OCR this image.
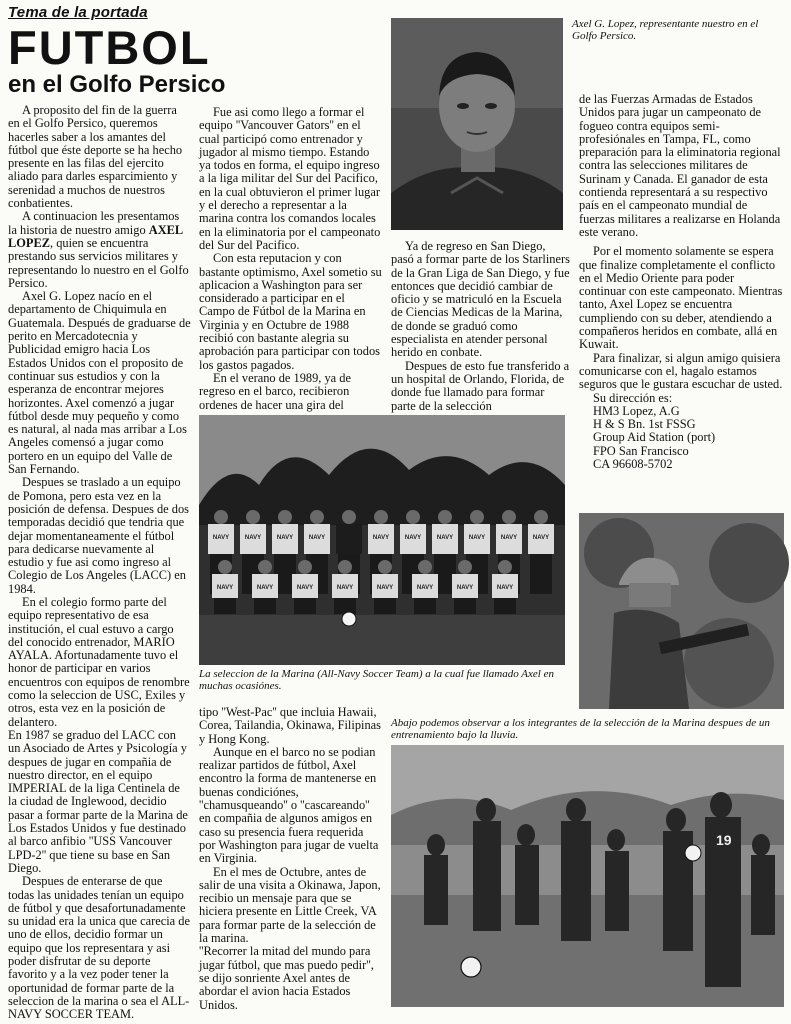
Tema de la portada
FUTBOL
en el Golfo Persico

A proposito del fin de la guerra en el Golfo Persico, queremos hacerles saber a los amantes del fútbol que éste deporte se ha hecho presente en las filas del ejercito aliado para darles esparcimiento y serenidad a muchos de nuestros conbatientes.

A continuacion les presentamos la historia de nuestro amigo AXEL LOPEZ, quien se encuentra prestando sus servicios militares y representando lo nuestro en el Golfo Persico.

Axel G. Lopez nacío en el departamento de Chiquimula en Guatemala. Después de graduarse de perito en Mercadotecnia y Publicidad emigro hacia Los Estados Unidos con el proposito de continuar sus estudios y con la esperanza de encontrar mejores horizontes. Axel comenzó a jugar fútbol desde muy pequeño y como es natural, al nada mas arribar a Los Angeles comensó a jugar como portero en un equipo del Valle de San Fernando.

Despues se traslado a un equipo de Pomona, pero esta vez en la posición de defensa. Despues de dos temporadas decidió que tendria que dejar momentaneamente el fútbol para dedicarse nuevamente al estudio y fue asi como ingreso al Colegio de Los Angeles (LACC) en 1984.

En el colegio formo parte del equipo representativo de esa institución, el cual estuvo a cargo del conocido entrenador, MARIO AYALA. Afortunadamente tuvo el honor de participar en varios encuentros con equipos de renombre como la seleccion de USC, Exiles y otros, esta vez en la posición de delantero.

En 1987 se graduo del LACC con un Asociado de Artes y Psicología y despues de jugar en compañia de nuestro director, en el equipo IMPERIAL de la liga Centinela de la ciudad de Inglewood, decidio pasar a formar parte de la Marina de Los Estados Unidos y fue destinado al barco anfibio ''USS Vancouver LPD-2'' que tiene su base en San Diego.

Despues de enterarse de que todas las unidades tenían un equipo de fútbol y que desafortunadamente su unidad era la unica que carecia de uno de ellos, decidio formar un equipo que los representara y asi poder disfrutar de su deporte favorito y a la vez poder tener la oportunidad de formar parte de la seleccion de la marina o sea el ALL-NAVY SOCCER TEAM.

Fue asi como llego a formar el equipo ''Vancouver Gators'' en el cual participó como entrenador y jugador al mismo tiempo. Estando ya todos en forma, el equipo ingreso a la liga militar del Sur del Pacifico, en la cual obtuvieron el primer lugar y el derecho a representar a la marina contra los comandos locales en la eliminatoria por el campeonato del Sur del Pacifico.

Con esta reputacion y con bastante optimismo, Axel sometio su aplicacion a Washington para ser considerado a participar en el Campo de Fútbol de la Marina en Virginia y en Octubre de 1988 recibió con bastante alegria su aprobación para participar con todos los gastos pagados.

En el verano de 1989, ya de regreso en el barco, recibieron ordenes de hacer una gira del

Axel G. Lopez, representante nuestro en el Golfo Persico.

Ya de regreso en San Diego, pasó a formar parte de los Starliners de la Gran Liga de San Diego, y fue entonces que decidió cambiar de oficio y se matriculó en la Escuela de Ciencias Medicas de la Marina, de donde se graduó como especialista en atender personal herido en conbate.

Despues de esto fue transferido a un hospital de Orlando, Florida, de donde fue llamado para formar parte de la selección

de las Fuerzas Armadas de Estados Unidos para jugar un campeonato de fogueo contra equipos semi-profesiónales en Tampa, FL, como preparación para la eliminatoria regional contra las selecciones militares de Surinam y Canada. El ganador de esta contienda representará a su respectivo país en el campeonato mundial de fuerzas militares a realizarse en Holanda este verano.

Por el momento solamente se espera que finalize completamente el conflicto en el Medio Oriente para poder continuar con este campeonato. Mientras tanto, Axel Lopez se encuentra cumpliendo con su deber, atendiendo a compañeros heridos en combate, allá en Kuwait.

Para finalizar, si algun amigo quisiera comunicarse con el, hagalo estamos seguros que le gustara escuchar de usted.

Su dirección es:

HM3 Lopez, A.G
H & S Bn. 1st FSSG
Group Aid Station (port)
FPO San Francisco
CA 96608-5702
NAVY	NAVY	NAVY	NAVY	NAVY	NAVY	NAVY	NAVY	NAVY	NAVY
NAVY	NAVY	NAVY	NAVY	NAVY	NAVY	NAVY	NAVY
La seleccion de la Marina (All-Navy Soccer Team) a la cual fue llamado Axel en muchas ocasiónes.

tipo ''West-Pac'' que incluia Hawaii, Corea, Tailandia, Okinawa, Filipinas y Hong Kong.

Aunque en el barco no se podian realizar partidos de fútbol, Axel encontro la forma de mantenerse en buenas condiciónes, ''chamusqueando'' o ''cascareando'' en compañia de algunos amigos en caso su presencia fuera requerida por Washington para jugar de vuelta en Virginia.

En el mes de Octubre, antes de salir de una visita a Okinawa, Japon, recibio un mensaje para que se hiciera presente en Little Creek, VA para formar parte de la selección de la marina.

''Recorrer la mitad del mundo para jugar fútbol, que mas puedo pedir'', se dijo sonriente Axel antes de abordar el avion hacia Estados Unidos.

Abajo podemos observar a los integrantes de la selección de la Marina despues de un entrenamiento bajo la lluvia.
19
